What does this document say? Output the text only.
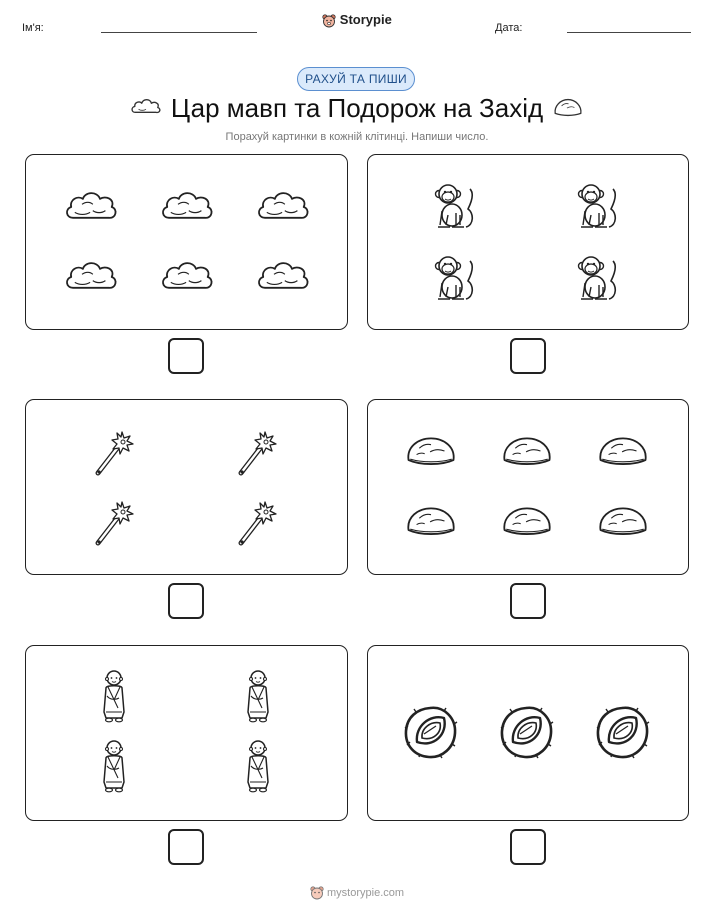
Ім'я:
Storypie
Дата:
РАХУЙ ТА ПИШИ
Цар мавп та Подорож на Захід
Порахуй картинки в кожній клітинці. Напиши число.
mystorypie.com
